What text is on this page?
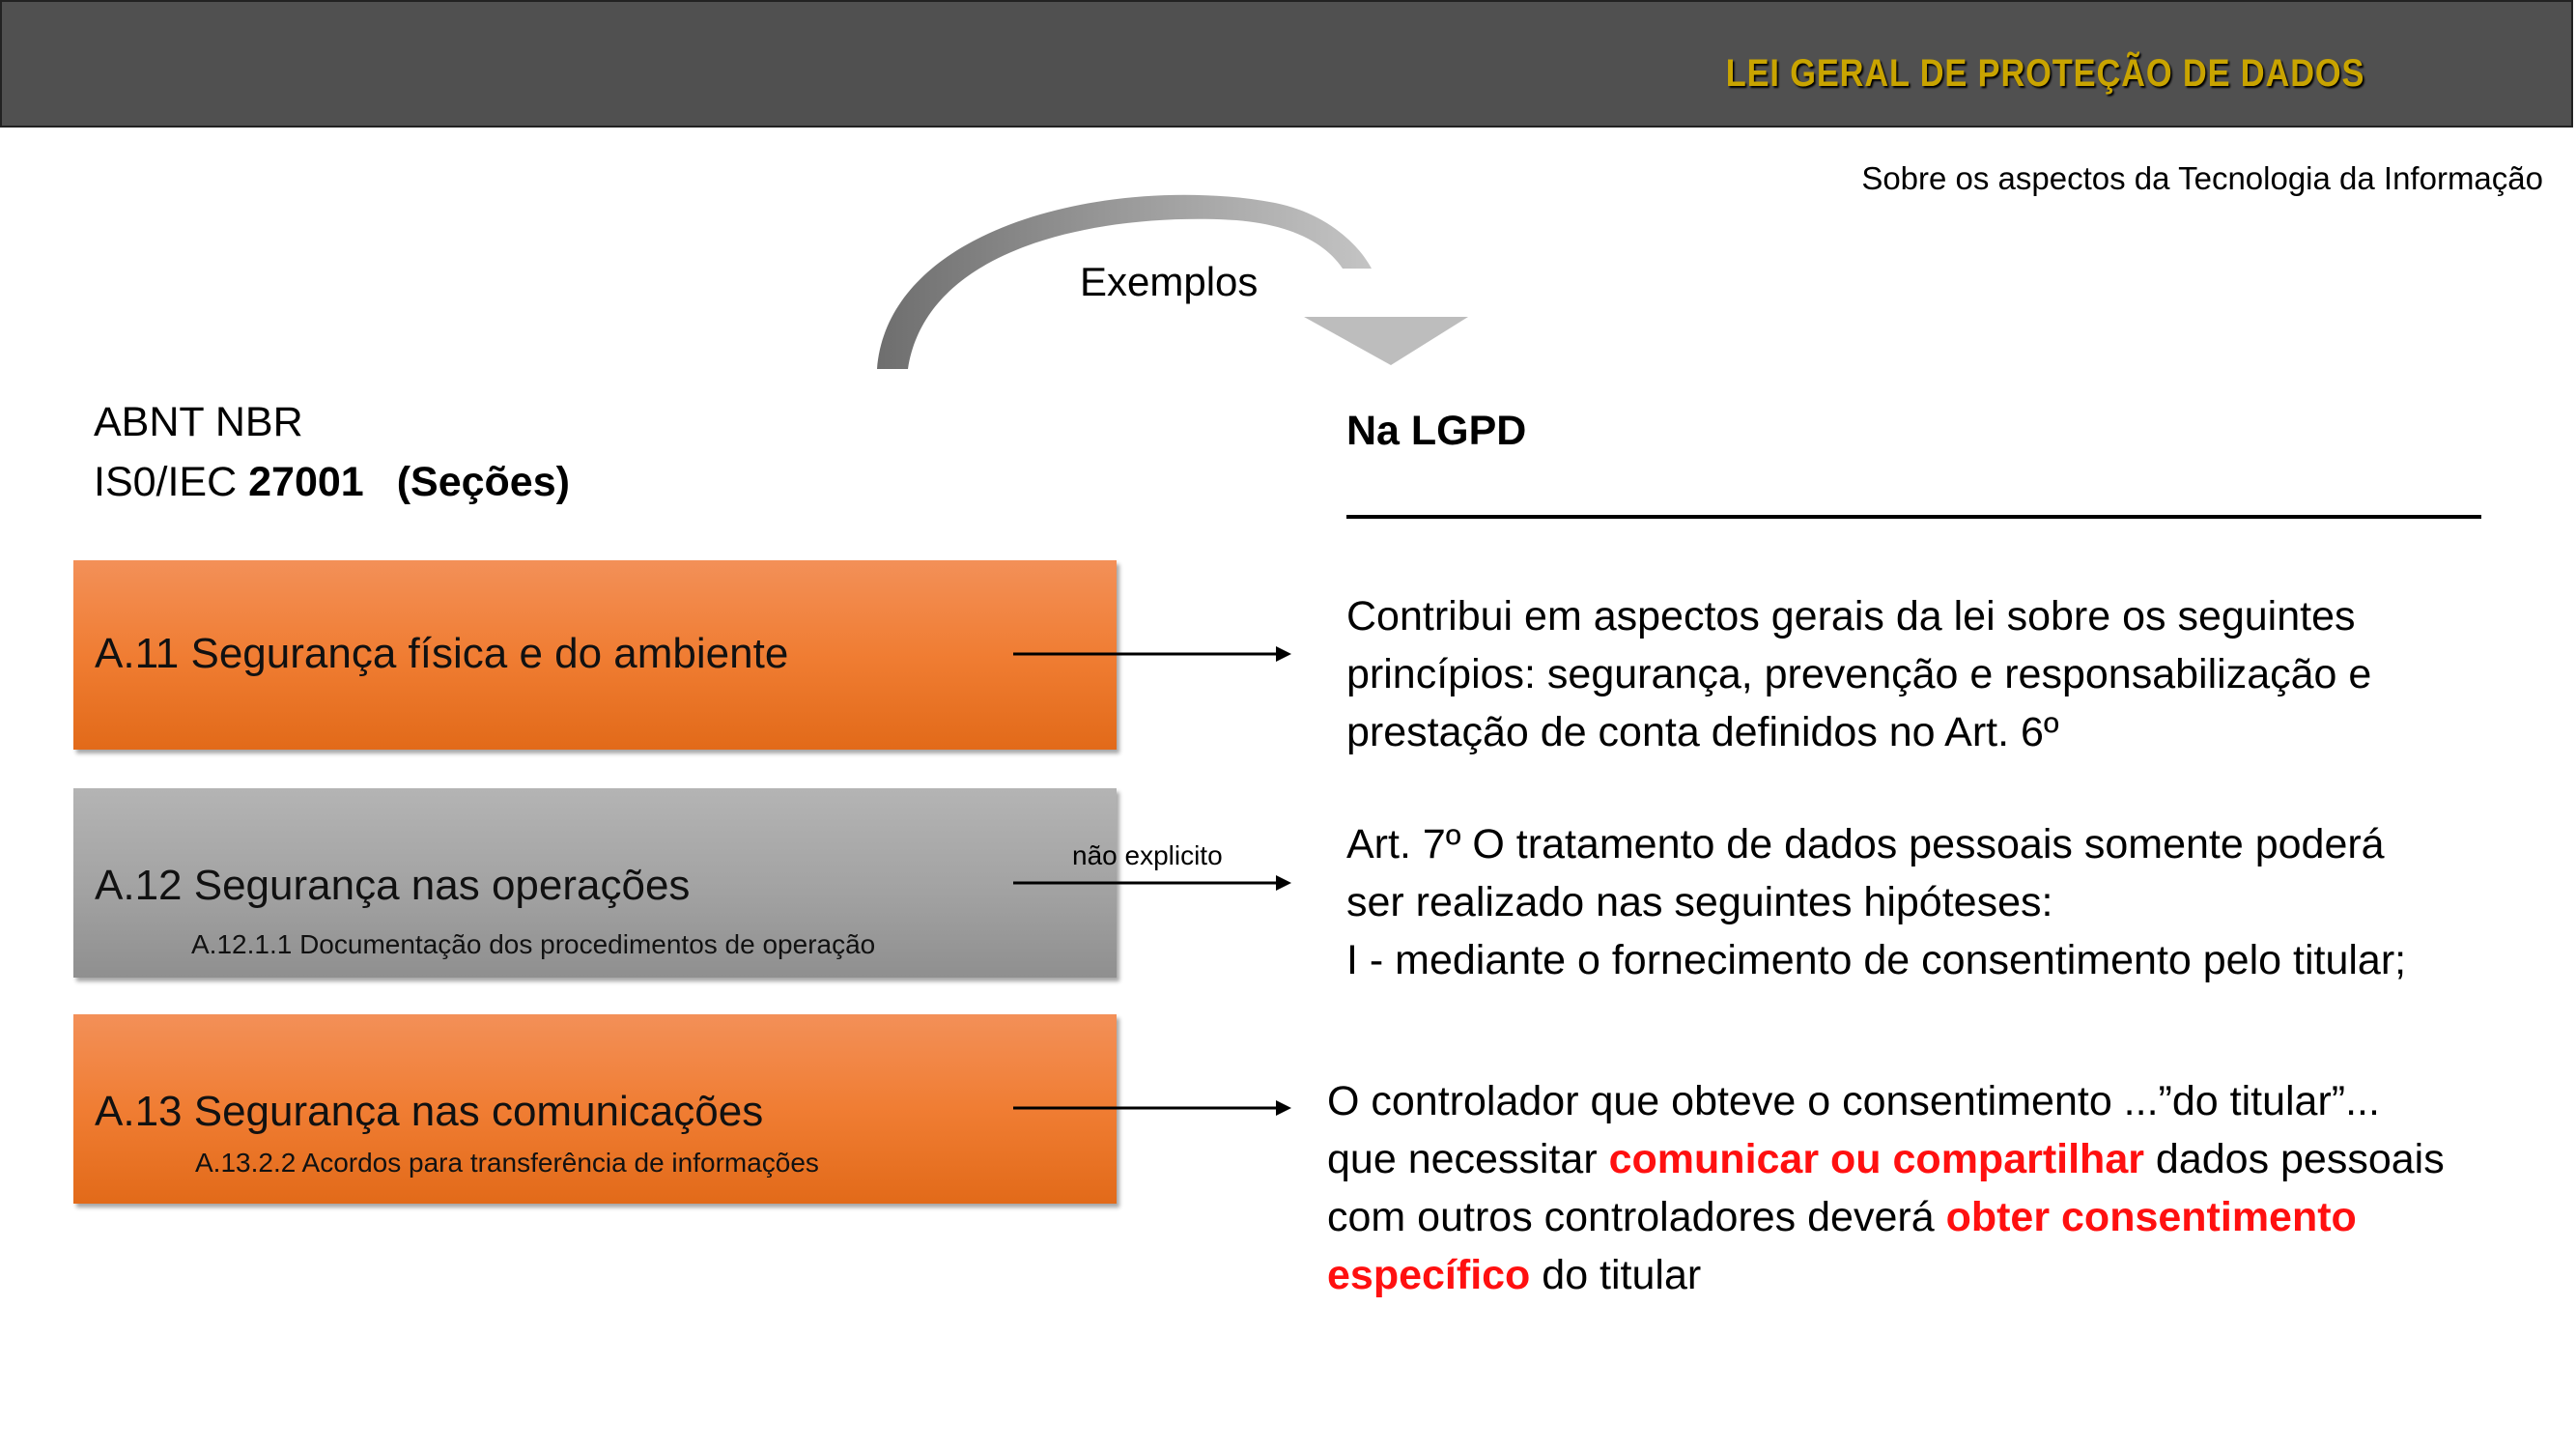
LEI GERAL DE PROTEÇÃO DE DADOS
Sobre os aspectos da Tecnologia da Informação
Exemplos
ABNT NBR
IS0/IEC 27001 (Seções)
Na LGPD
A.11 Segurança física e do ambiente
A.12 Segurança nas operações
A.12.1.1 Documentação dos procedimentos de operação
A.13 Segurança nas comunicações
A.13.2.2 Acordos para transferência de informações
não explicito
Contribui em aspectos gerais da lei sobre os seguintes
princípios: segurança, prevenção e responsabilização e
prestação de conta definidos no Art. 6º
Art. 7º O tratamento de dados pessoais somente poderá
ser realizado nas seguintes hipóteses:
I - mediante o fornecimento de consentimento pelo titular;
O controlador que obteve o consentimento ...”do titular”...
que necessitar comunicar ou compartilhar dados pessoais
com outros controladores deverá obter consentimento
específico do titular
